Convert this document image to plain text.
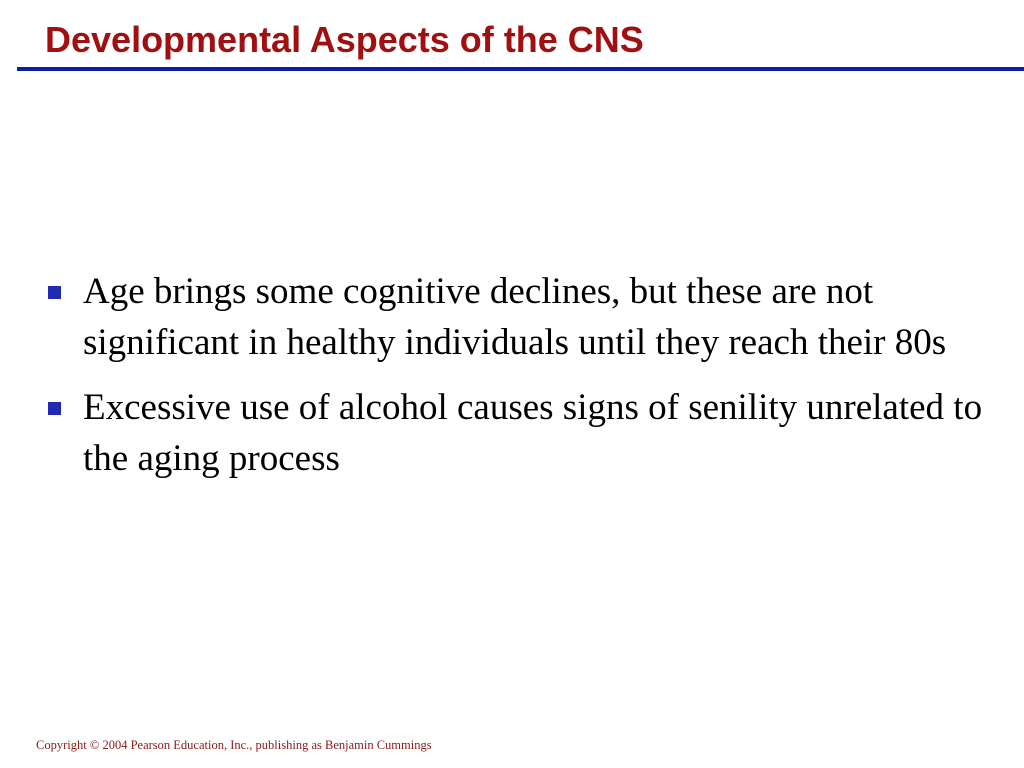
Developmental Aspects of the CNS
Age brings some cognitive declines, but these are not significant in healthy individuals until they reach their 80s
Excessive use of alcohol causes signs of senility unrelated to the aging process
Copyright © 2004 Pearson Education, Inc., publishing as Benjamin Cummings
